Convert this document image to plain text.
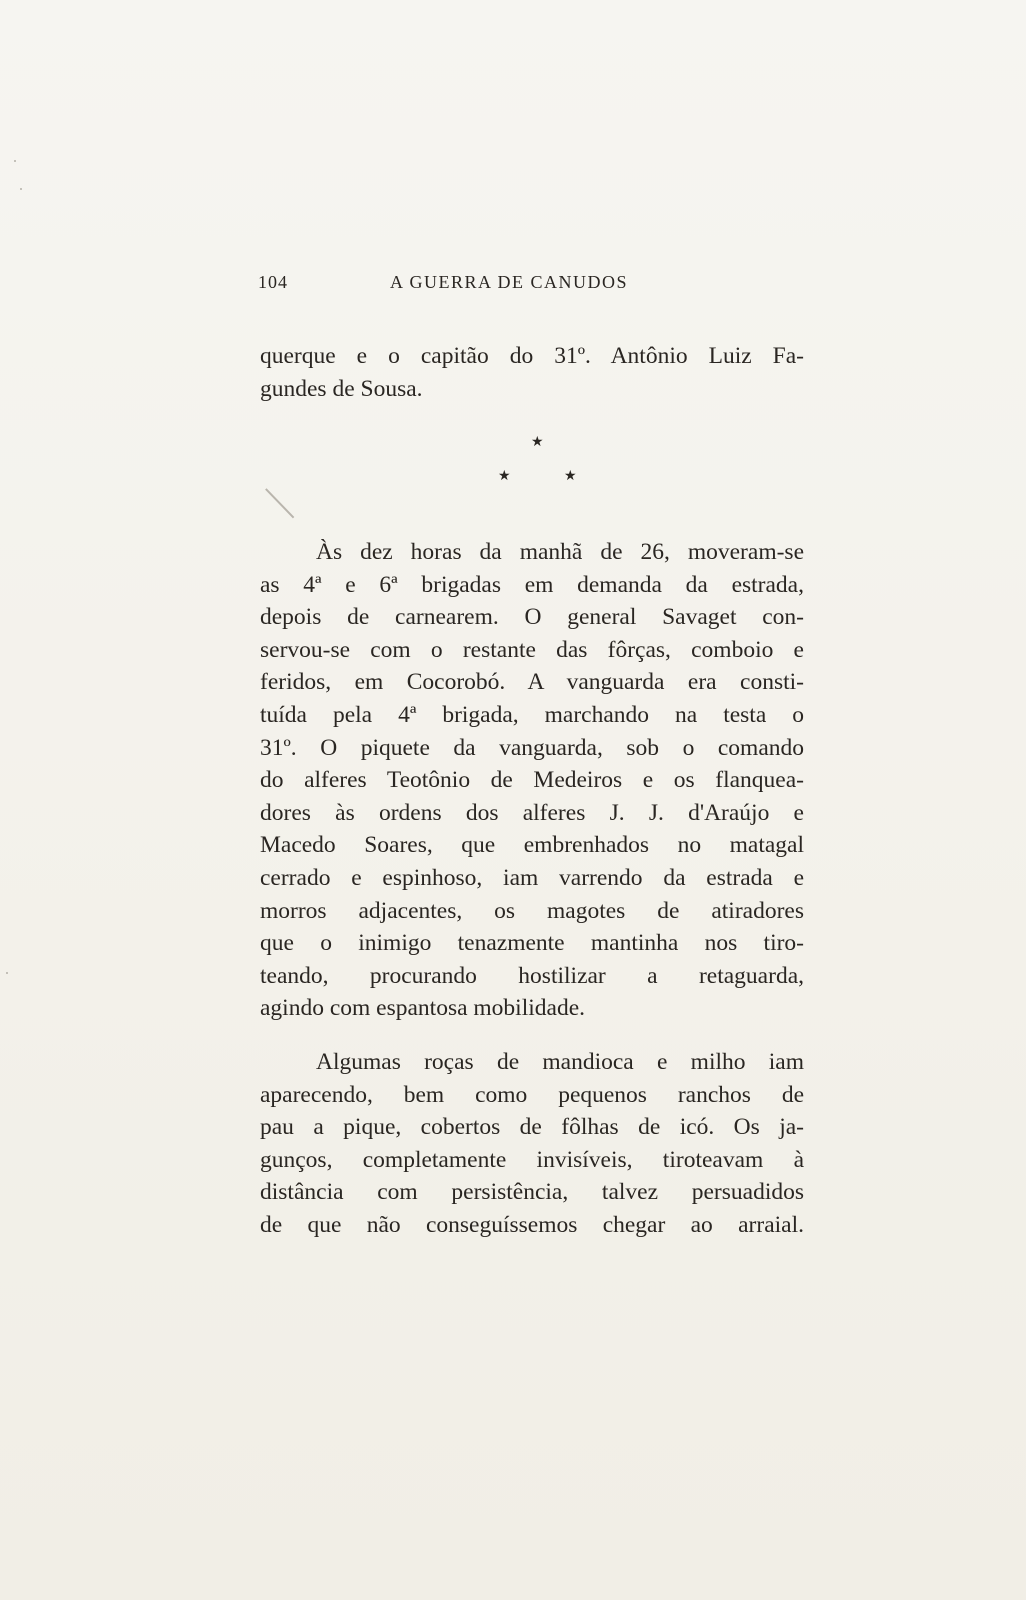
104	A GUERRA DE CANUDOS
querque e o capitão do 31º. Antônio Luiz Fa-
gundes de Sousa.
★
★	★
Às dez horas da manhã de 26, moveram-se
as 4ª e 6ª brigadas em demanda da estrada,
depois de carnearem. O general Savaget con-
servou-se com o restante das fôrças, comboio e
feridos, em Cocorobó. A vanguarda era consti-
tuída pela 4ª brigada, marchando na testa o
31º. O piquete da vanguarda, sob o comando
do alferes Teotônio de Medeiros e os flanquea-
dores às ordens dos alferes J. J. d'Araújo e
Macedo Soares, que embrenhados no matagal
cerrado e espinhoso, iam varrendo da estrada e
morros adjacentes, os magotes de atiradores
que o inimigo tenazmente mantinha nos tiro-
teando, procurando hostilizar a retaguarda,
agindo com espantosa mobilidade.
Algumas roças de mandioca e milho iam
aparecendo, bem como pequenos ranchos de
pau a pique, cobertos de fôlhas de icó. Os ja-
gunços, completamente invisíveis, tiroteavam à
distância com persistência, talvez persuadidos
de que não conseguíssemos chegar ao arraial.
